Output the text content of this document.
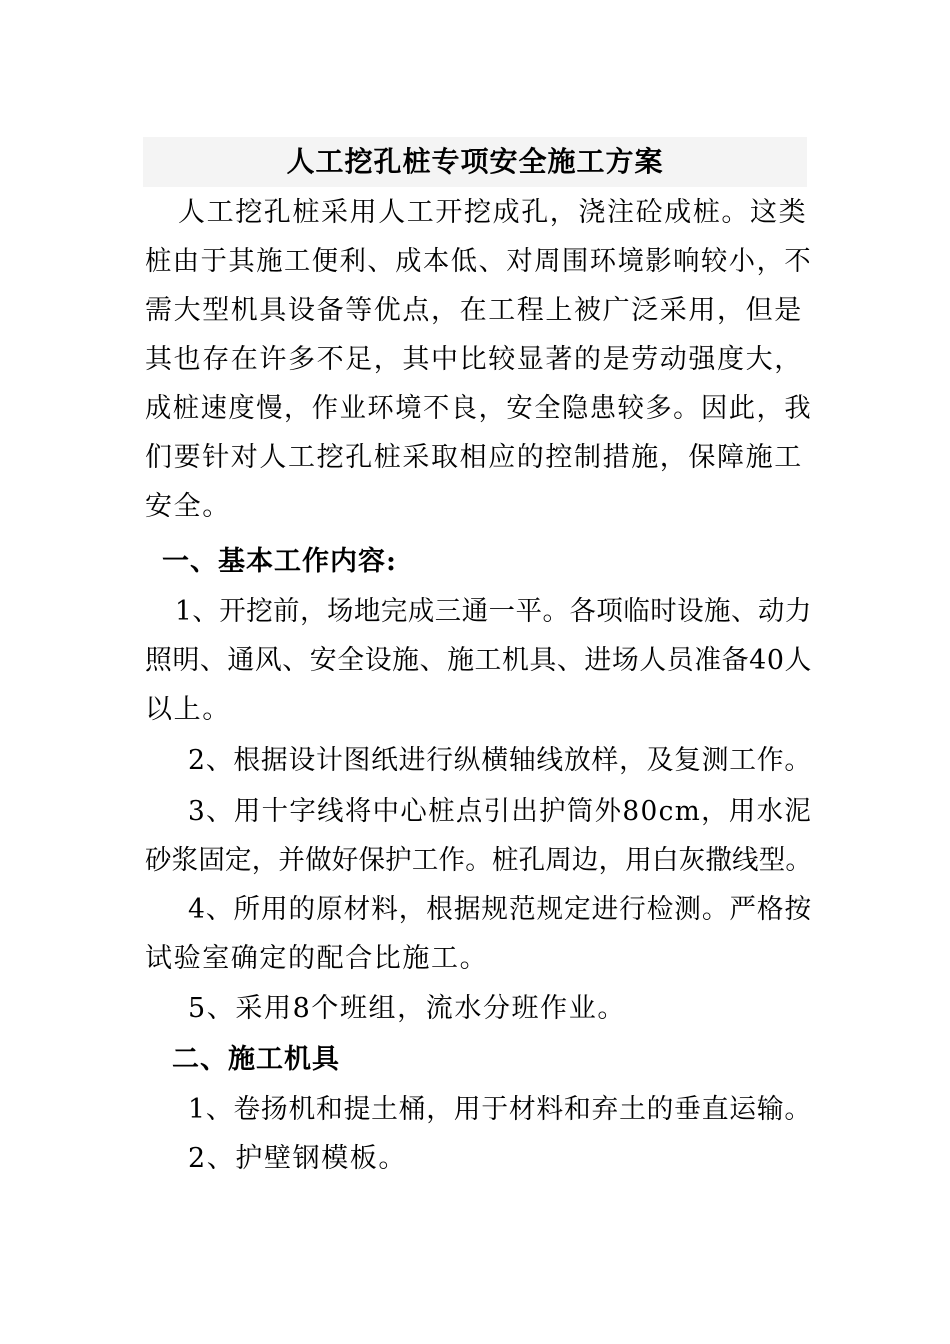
人工挖孔桩专项安全施工方案
人工挖孔桩采用人工开挖成孔，浇注砼成桩。这类
桩由于其施工便利、成本低、对周围环境影响较小，不
需大型机具设备等优点，在工程上被广泛采用，但是
其也存在许多不足，其中比较显著的是劳动强度大，
成桩速度慢，作业环境不良，安全隐患较多。因此，我
们要针对人工挖孔桩采取相应的控制措施，保障施工
安全。
一、基本工作内容:
1、开挖前，场地完成三通一平。各项临时设施、动力
照明、通风、安全设施、施工机具、进场人员准备40人
以上。
2、根据设计图纸进行纵横轴线放样，及复测工作。
3、用十字线将中心桩点引出护筒外80cm，用水泥
砂浆固定，并做好保护工作。桩孔周边，用白灰撒线型。
4、所用的原材料，根据规范规定进行检测。严格按
试验室确定的配合比施工。
5、采用8个班组，流水分班作业。
二、施工机具
1、卷扬机和提土桶，用于材料和弃土的垂直运输。
2、护壁钢模板。
